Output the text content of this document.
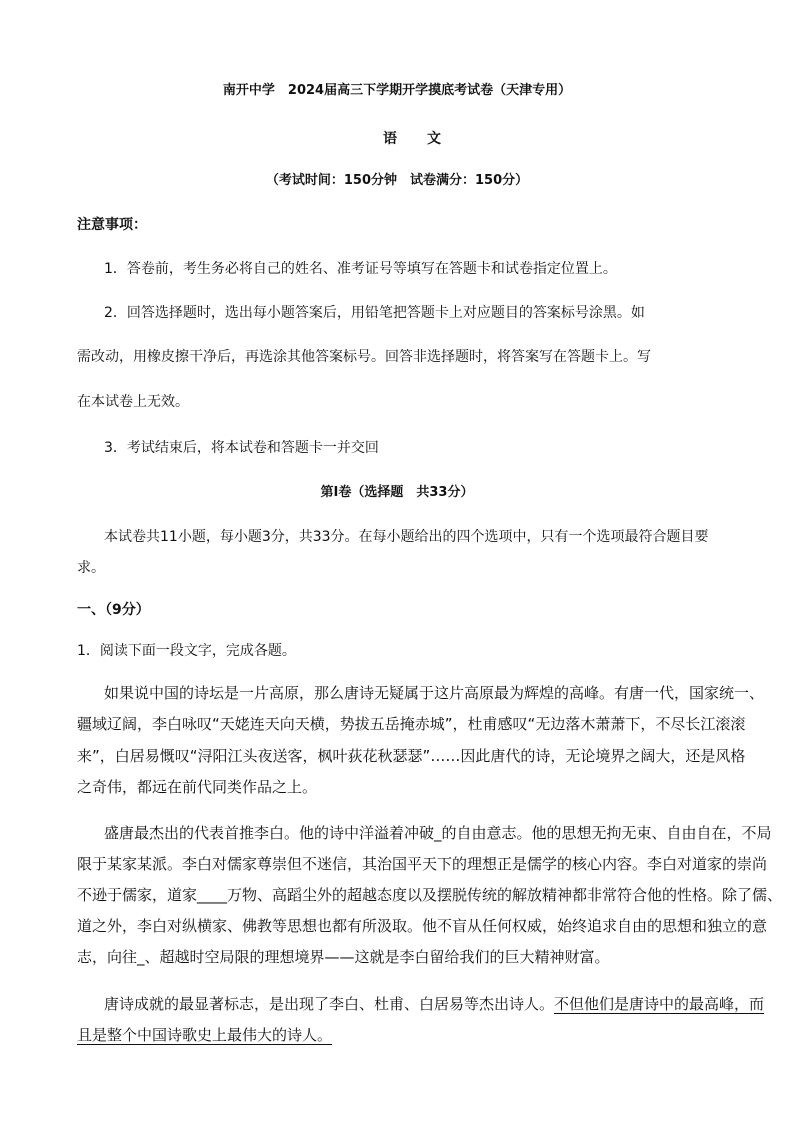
南开中学　2024届高三下学期开学摸底考试卷（天津专用）
语文
（考试时间：150分钟　试卷满分：150分）
注意事项：
1．答卷前，考生务必将自己的姓名、准考证号等填写在答题卡和试卷指定位置上。
2．回答选择题时，选出每小题答案后，用铅笔把答题卡上对应题目的答案标号涂黑。如
需改动，用橡皮擦干净后，再选涂其他答案标号。回答非选择题时，将答案写在答题卡上。写
在本试卷上无效。
3．考试结束后，将本试卷和答题卡一并交回
第Ⅰ卷（选择题　共33分）
本试卷共11小题，每小题3分，共33分。在每小题给出的四个选项中，只有一个选项最符合题目要
求。
一、（9分）
1．阅读下面一段文字，完成各题。
如果说中国的诗坛是一片高原，那么唐诗无疑属于这片高原最为辉煌的高峰。有唐一代，国家统一、
疆域辽阔，李白咏叹“天姥连天向天横，势拔五岳掩赤城”，杜甫感叹“无边落木萧萧下，不尽长江滚滚
来”，白居易慨叹“浔阳江头夜送客，枫叶荻花秋瑟瑟”……因此唐代的诗，无论境界之阔大，还是风格
之奇伟，都远在前代同类作品之上。
盛唐最杰出的代表首推李白。他的诗中洋溢着冲破_的自由意志。他的思想无拘无束、自由自在，不局
限于某家某派。李白对儒家尊崇但不迷信，其治国平天下的理想正是儒学的核心内容。李白对道家的崇尚
不逊于儒家，道家____万物、高蹈尘外的超越态度以及摆脱传统的解放精神都非常符合他的性格。除了儒、
道之外，李白对纵横家、佛教等思想也都有所汲取。他不盲从任何权威，始终追求自由的思想和独立的意
志，向往_、超越时空局限的理想境界——这就是李白留给我们的巨大精神财富。
唐诗成就的最显著标志，是出现了李白、杜甫、白居易等杰出诗人。不但他们是唐诗中的最高峰，而
且是整个中国诗歌史上最伟大的诗人。
